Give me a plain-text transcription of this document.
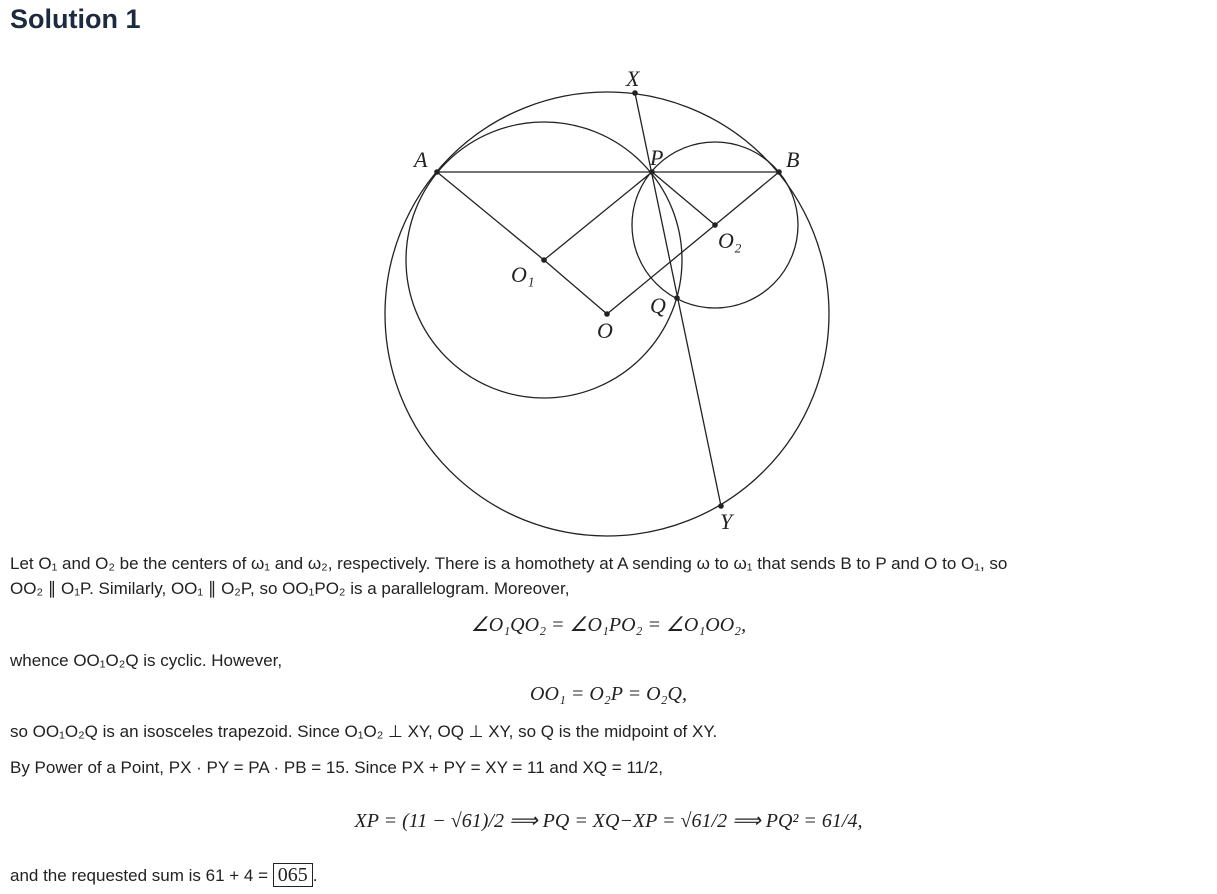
Solution 1
X
A	P	B
O₂
O₁
Q
O
Y
Let O₁ and O₂ be the centers of ω₁ and ω₂, respectively. There is a homothety at A sending ω to ω₁ that sends B to P and O to O₁, so
OO₂ ∥ O₁P. Similarly, OO₁ ∥ O₂P, so OO₁PO₂ is a parallelogram. Moreover,
∠O₁QO₂ = ∠O₁PO₂ = ∠O₁OO₂,
whence OO₁O₂Q is cyclic. However,
OO₁ = O₂P = O₂Q,
so OO₁O₂Q is an isosceles trapezoid. Since O₁O₂ ⊥ XY, OQ ⊥ XY, so Q is the midpoint of XY.
By Power of a Point, PX · PY = PA · PB = 15. Since PX + PY = XY = 11 and XQ = 11/2,
XP = (11 − √61)/2 ⟹ PQ = XQ−XP = √61/2 ⟹ PQ² = 61/4,
and the requested sum is 61 + 4 = 065 .
